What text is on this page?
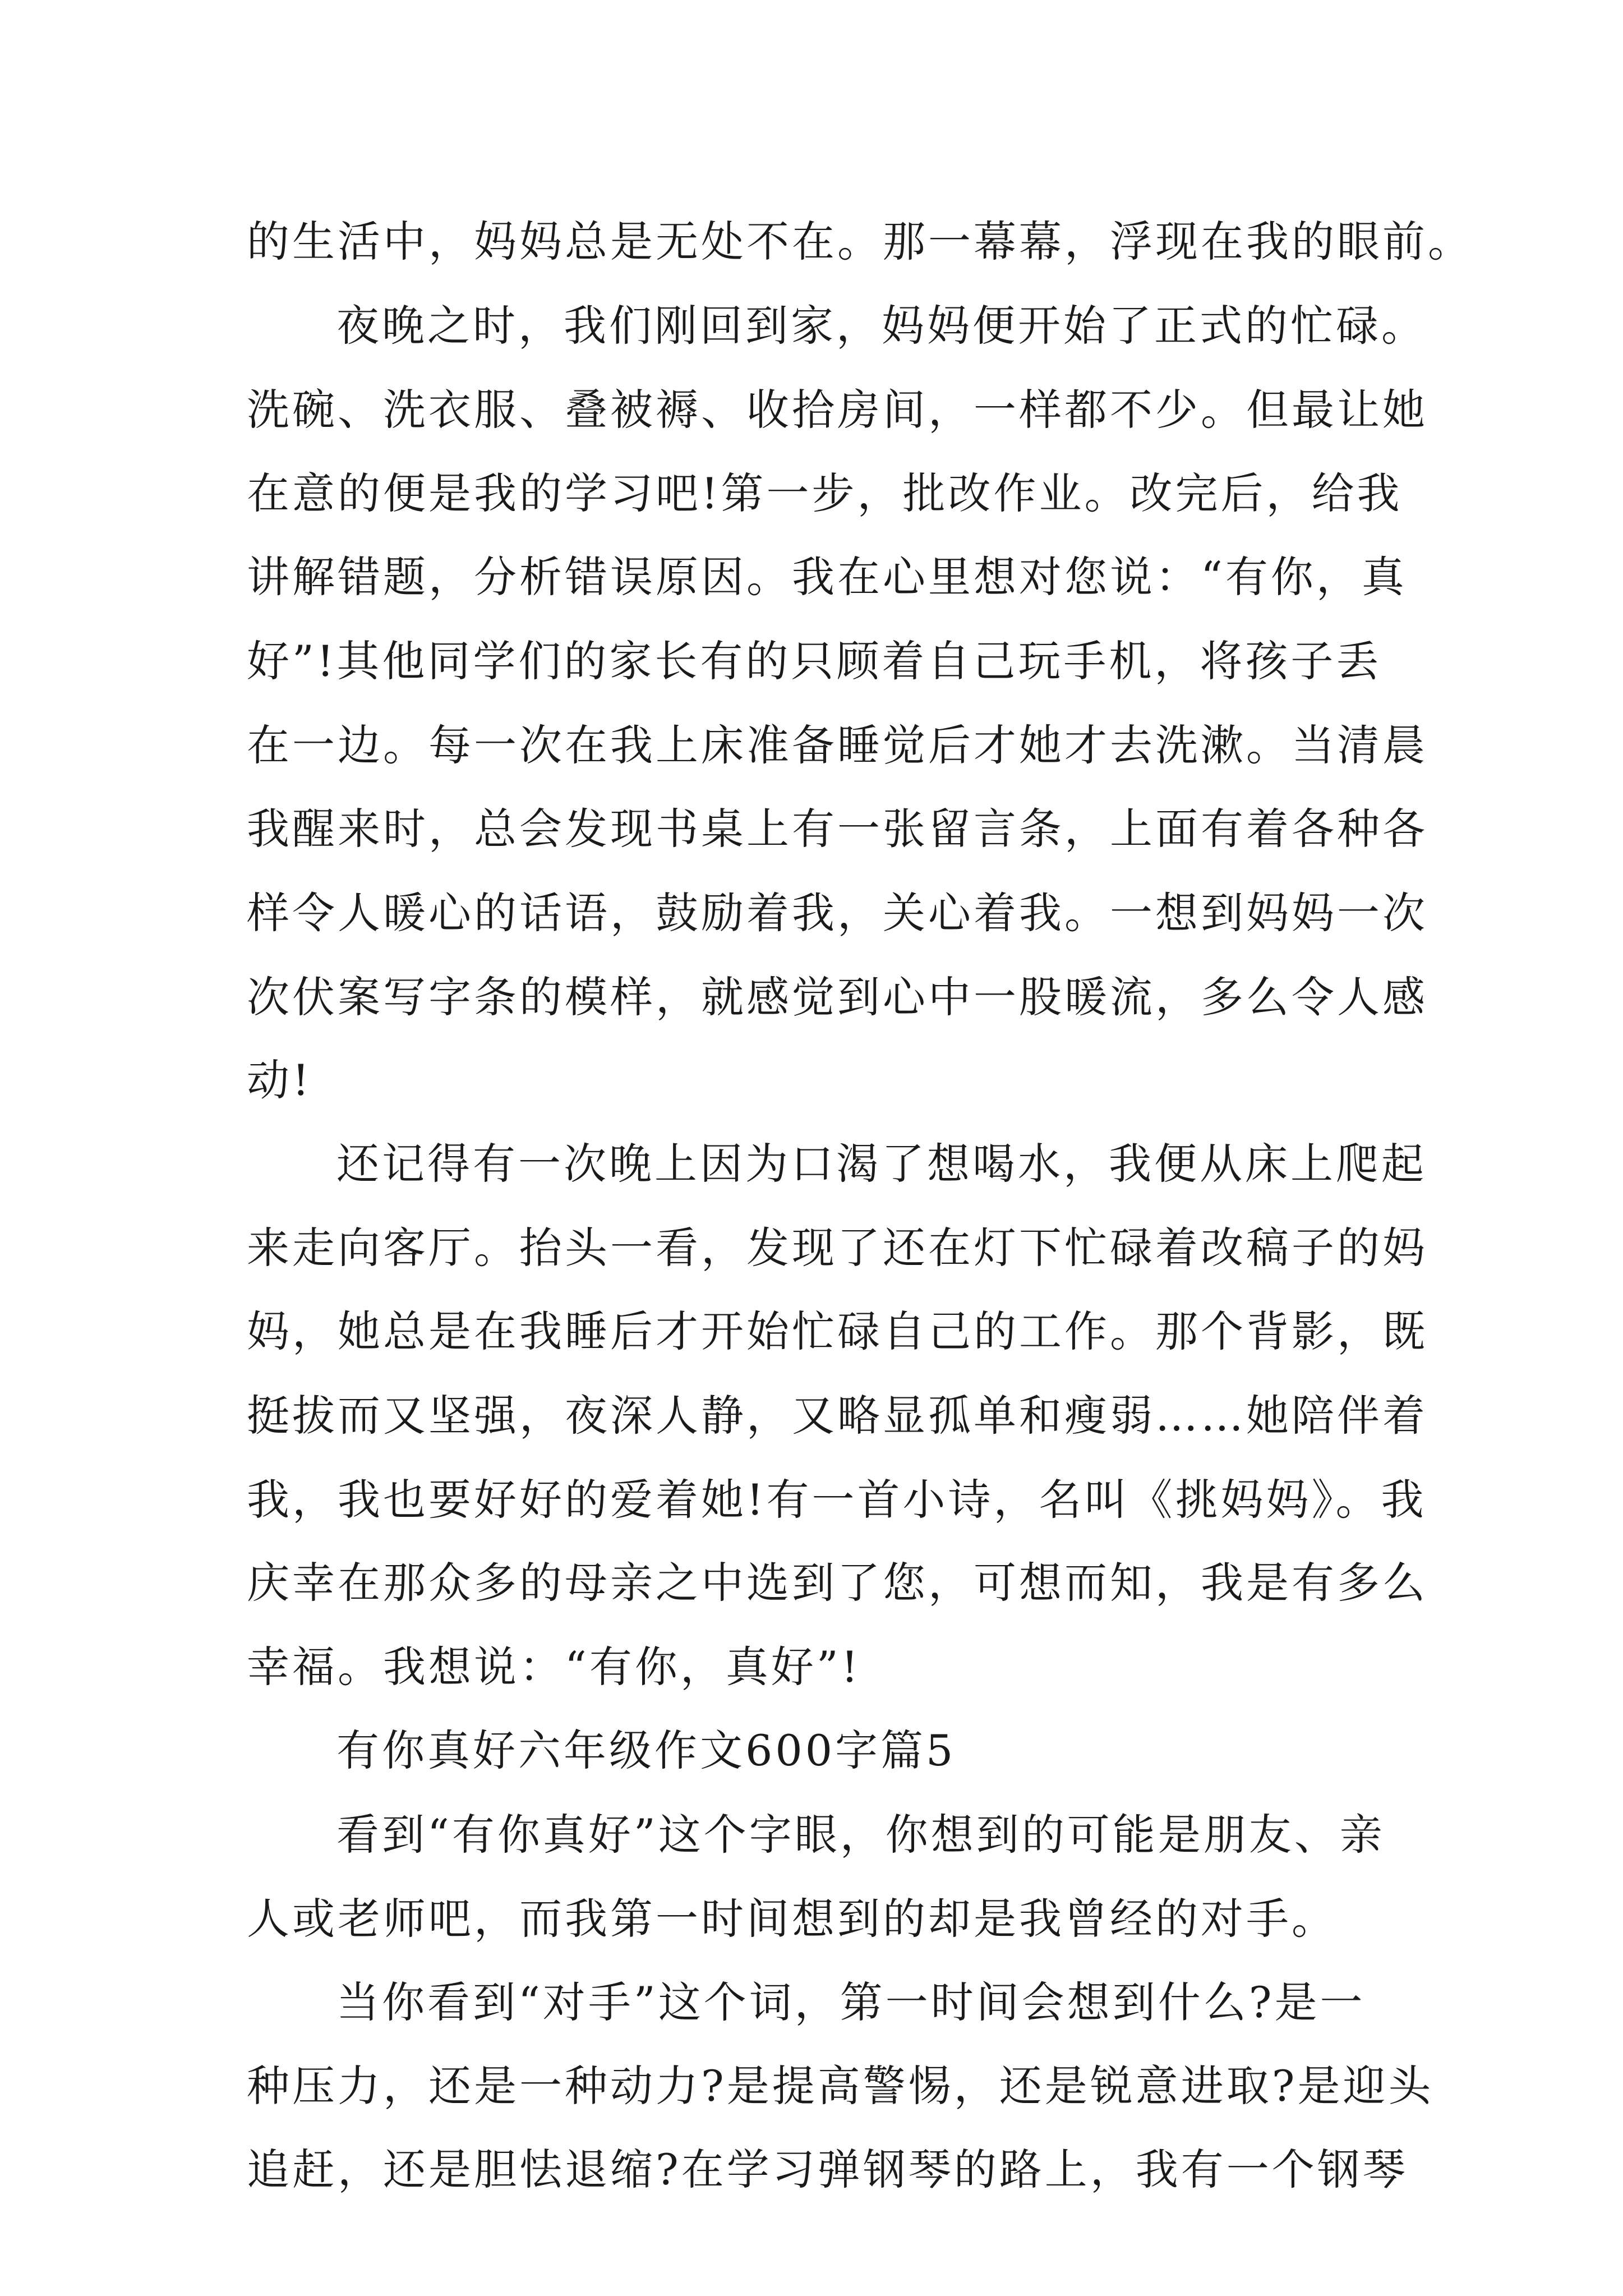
的生活中，妈妈总是无处不在。那一幕幕，浮现在我的眼前。

夜晚之时，我们刚回到家，妈妈便开始了正式的忙碌。

洗碗、洗衣服、叠被褥、收拾房间，一样都不少。但最让她

在意的便是我的学习吧!第一步，批改作业。改完后，给我

讲解错题，分析错误原因。我在心里想对您说：“有你，真

好”!其他同学们的家长有的只顾着自己玩手机，将孩子丢

在一边。每一次在我上床准备睡觉后才她才去洗漱。当清晨

我醒来时，总会发现书桌上有一张留言条，上面有着各种各

样令人暖心的话语，鼓励着我，关心着我。一想到妈妈一次

次伏案写字条的模样，就感觉到心中一股暖流，多么令人感

动!

还记得有一次晚上因为口渴了想喝水，我便从床上爬起

来走向客厅。抬头一看，发现了还在灯下忙碌着改稿子的妈

妈，她总是在我睡后才开始忙碌自己的工作。那个背影，既

挺拔而又坚强，夜深人静，又略显孤单和瘦弱……她陪伴着

我，我也要好好的爱着她!有一首小诗，名叫《挑妈妈》。我

庆幸在那众多的母亲之中选到了您，可想而知，我是有多么

幸福。我想说：“有你，真好”!

有你真好六年级作文600字篇5

看到“有你真好”这个字眼，你想到的可能是朋友、亲

人或老师吧，而我第一时间想到的却是我曾经的对手。

当你看到“对手”这个词，第一时间会想到什么?是一

种压力，还是一种动力?是提高警惕，还是锐意进取?是迎头

追赶，还是胆怯退缩?在学习弹钢琴的路上，我有一个钢琴
